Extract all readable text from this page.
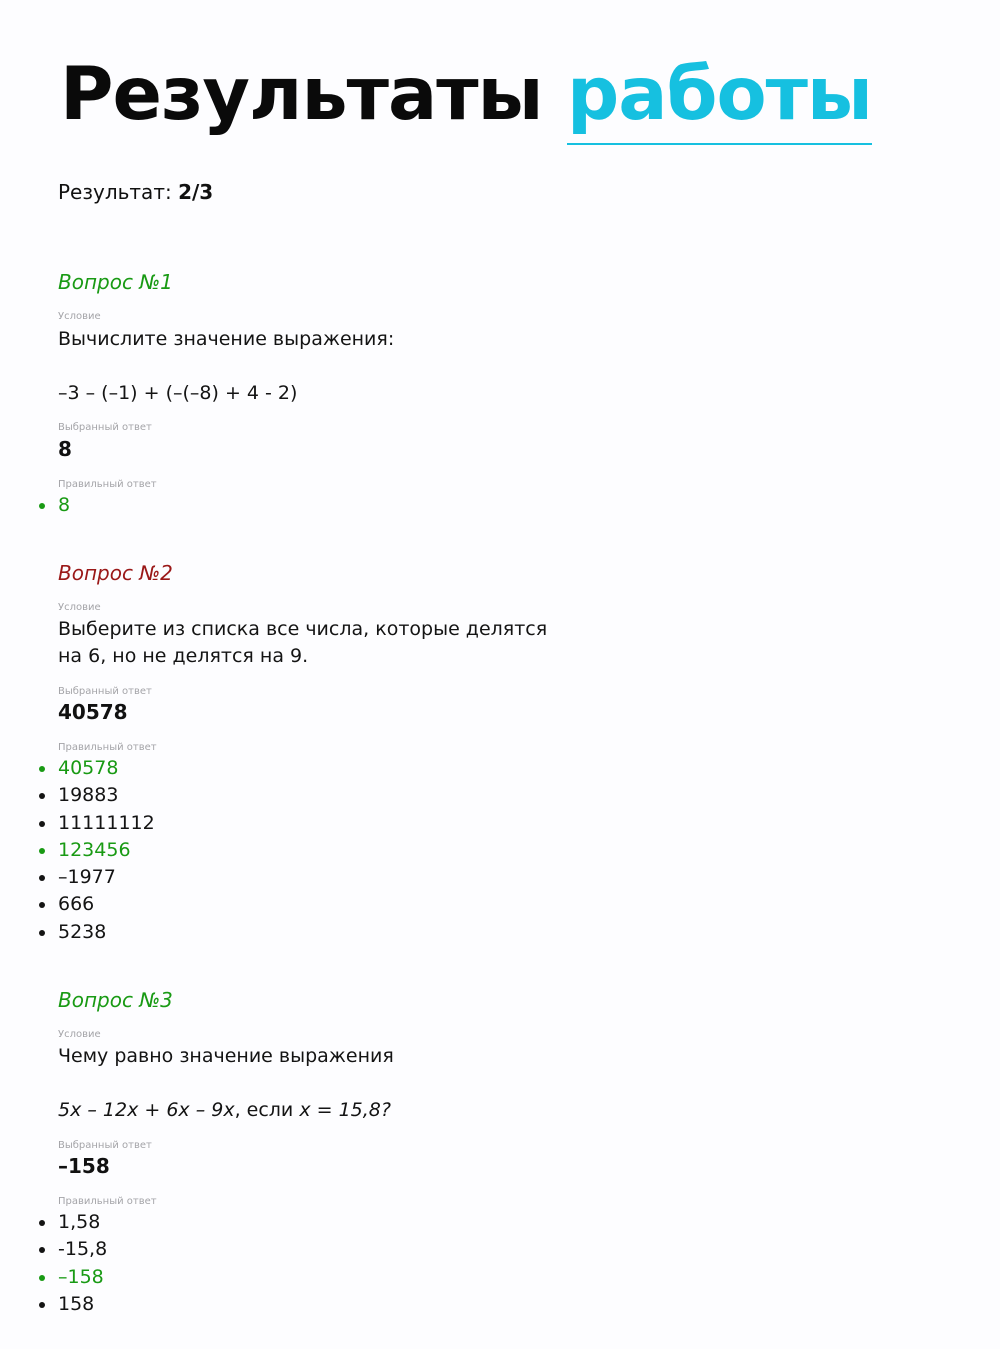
Результаты работы
Результат: 2/3
Вопрос №1
Условие
Вычислите значение выражения:
–3 – (–1) + (–(–8) + 4 - 2)
Выбранный ответ
8
Правильный ответ
8
Вопрос №2
Условие
Выберите из списка все числа, которые делятся
на 6, но не делятся на 9.
Выбранный ответ
40578
Правильный ответ
40578
19883
11111112
123456
–1977
666
5238
Вопрос №3
Условие
Чему равно значение выражения
5x – 12x + 6x – 9x, если x = 15,8?
Выбранный ответ
–158
Правильный ответ
1,58
-15,8
–158
158
